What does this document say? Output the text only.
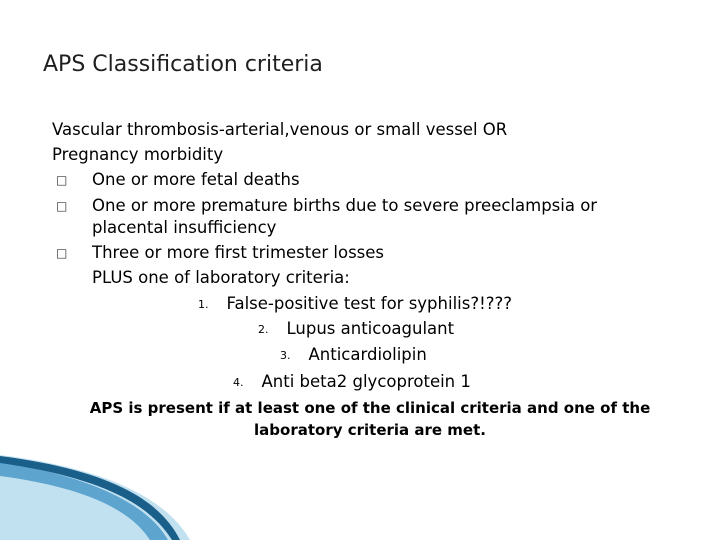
APS Classification criteria
Vascular thrombosis-arterial,venous or small vessel OR
Pregnancy morbidity
□ One or more fetal deaths
□ One or more premature births due to severe preeclampsia or
placental insufficiency
□ Three or more first trimester losses
PLUS one of laboratory criteria:
1. False-positive test for syphilis?!???
2. Lupus anticoagulant
3. Anticardiolipin
4. Anti beta2 glycoprotein 1
APS is present if at least one of the clinical criteria and one of the laboratory criteria are met.
